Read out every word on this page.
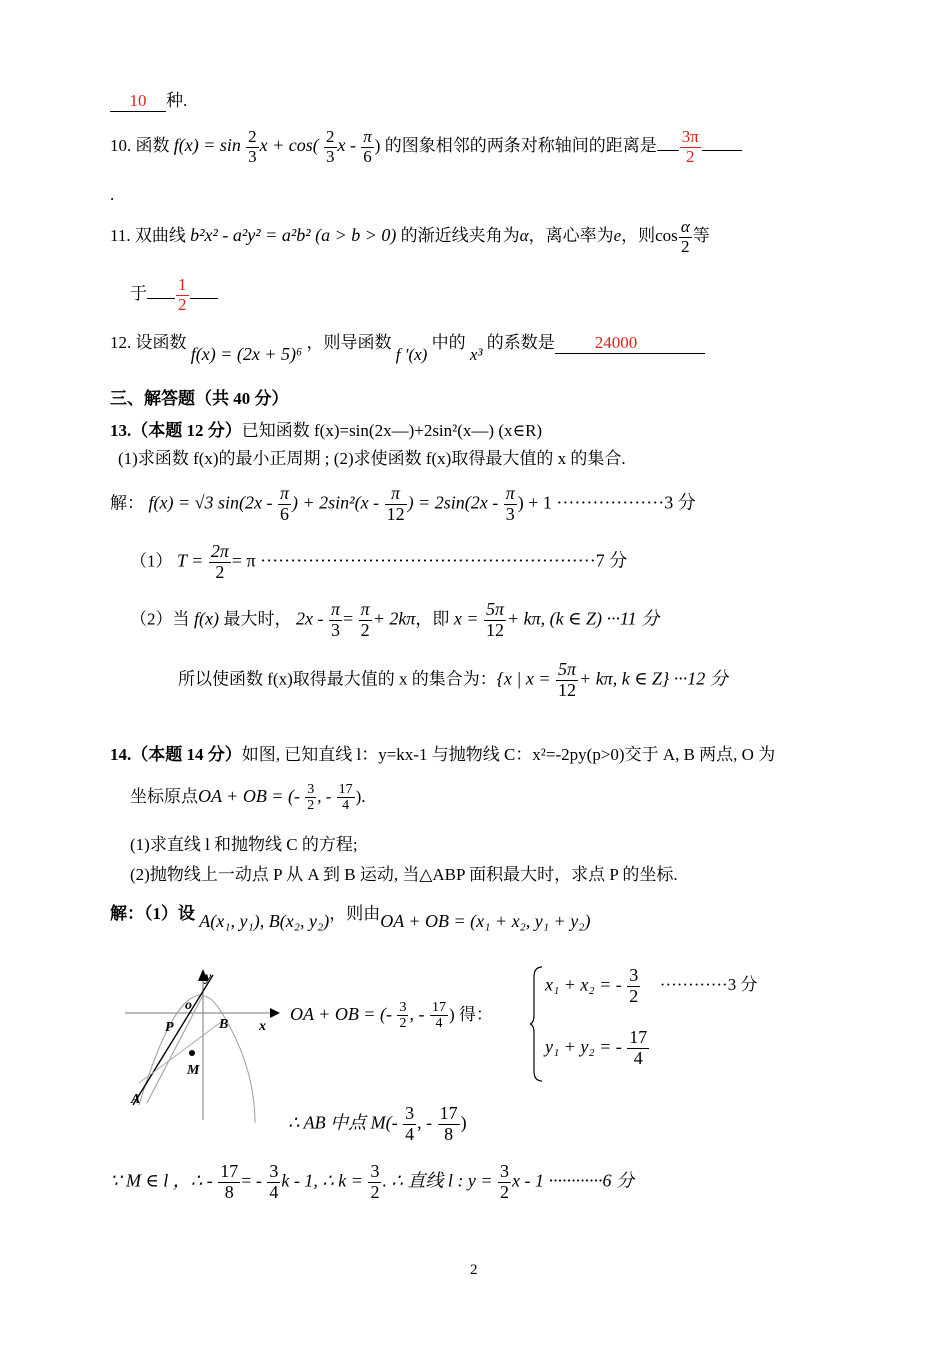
10 种.
10. 函数 $f(x) = \sin \frac{2}{3}$ $x + \cos( \frac{2}{3}$ x - $\frac{\pi}{6}$ ) 的图象相邻的两条对称轴间的距离是 $\frac{3\pi}{2}$
.
11. 双曲线 b²x² - a²y² = a²b² (a > b > 0) 的渐近线夹角为α，离心率为e，则$\cos \frac{\alpha}{2}$ 等
于 $\frac{1}{2}$
12. 设函数 f(x) = (2x + 5)⁶ ，则导函数 f ′(x) 中的 x³ 的系数是 24000
三、解答题（共 40 分）
13.（本题 12 分）已知函数 f(x)=sin(2x—)+2sin²(x—) (x∈R)
(1)求函数 f(x)的最小正周期 ; (2)求使函数 f(x)取得最大值的 x 的集合.
解： f(x) = √3 $\sin(2x - \frac{\pi}{6}$ ) + $2\sin^2(x - \frac{\pi}{12}$ ) = $2\sin(2x - \frac{\pi}{3}$ ) + 1 ··················3 分
（1） $T = \frac{2\pi}{2} = \pi \cdot\cdot\cdot\cdot\cdot\cdot\cdot\cdot\cdot\cdot\cdot\cdot\cdot\cdot\cdot\cdot\cdot\cdot\cdot\cdot\cdot\cdot\cdot\cdot\cdot\cdot\cdot\cdot\cdot\cdot\cdot\cdot\cdot\cdot\cdot\cdot\cdot\cdot\cdot\cdot\cdot\cdot\cdot\cdot\cdot\cdot\cdot\cdot\cdot\cdot\cdot\cdot\cdot\cdot\cdot\cdot 7$ 分
（2）当 f(x) 最大时， $2x - \frac{\pi}{3} = \frac{\pi}{2} + 2k\pi$，即 $x = \frac{5\pi}{12} + k\pi$, (k ∈ Z) ···11 分
所以使函数 f(x)取得最大值的 x 的集合为：{x | $x = \frac{5\pi}{12} + k\pi$, k ∈ Z} ···12 分
14.（本题 14 分）如图, 已知直线 l：y=kx-1 与抛物线 C：x²=-2py(p>0)交于 A, B 两点, O 为
坐标原点OA + OB = (- $\frac{3}{2}$ , - $\frac{17}{4}$ ).
(1)求直线 l 和抛物线 C 的方程;
(2)抛物线上一动点 P 从 A 到 B 运动, 当△ABP 面积最大时，求点 P 的坐标.
解：（1）设 A(x₁, y₁), B(x₂, y₂)，则由OA + OB = (x₁ + x₂, y₁ + y₂)
y
x
o
P	B
M
A
OA + OB = (- $\frac{3}{2}$ , - $\frac{17}{4}$ ) 得：
x₁ + x₂ = - $\frac{3}{2} \cdot\cdot\cdot\cdot\cdot\cdot\cdot\cdot\cdot\cdot\cdot\cdot 3$ 分
y₁ + y₂ = - $\frac{17}{4}$
∴ AB 中点 $M(- \frac{3}{4}$ , - $\frac{17}{8}$ )
∵ M ∈ l ，∴ - $\frac{17}{8}$ = - $\frac{3}{4}$ k - 1, ∴ $k = \frac{3}{2}$ . ∴ 直线 l : $y = \frac{3}{2}$ x - 1 ············6 分
2
